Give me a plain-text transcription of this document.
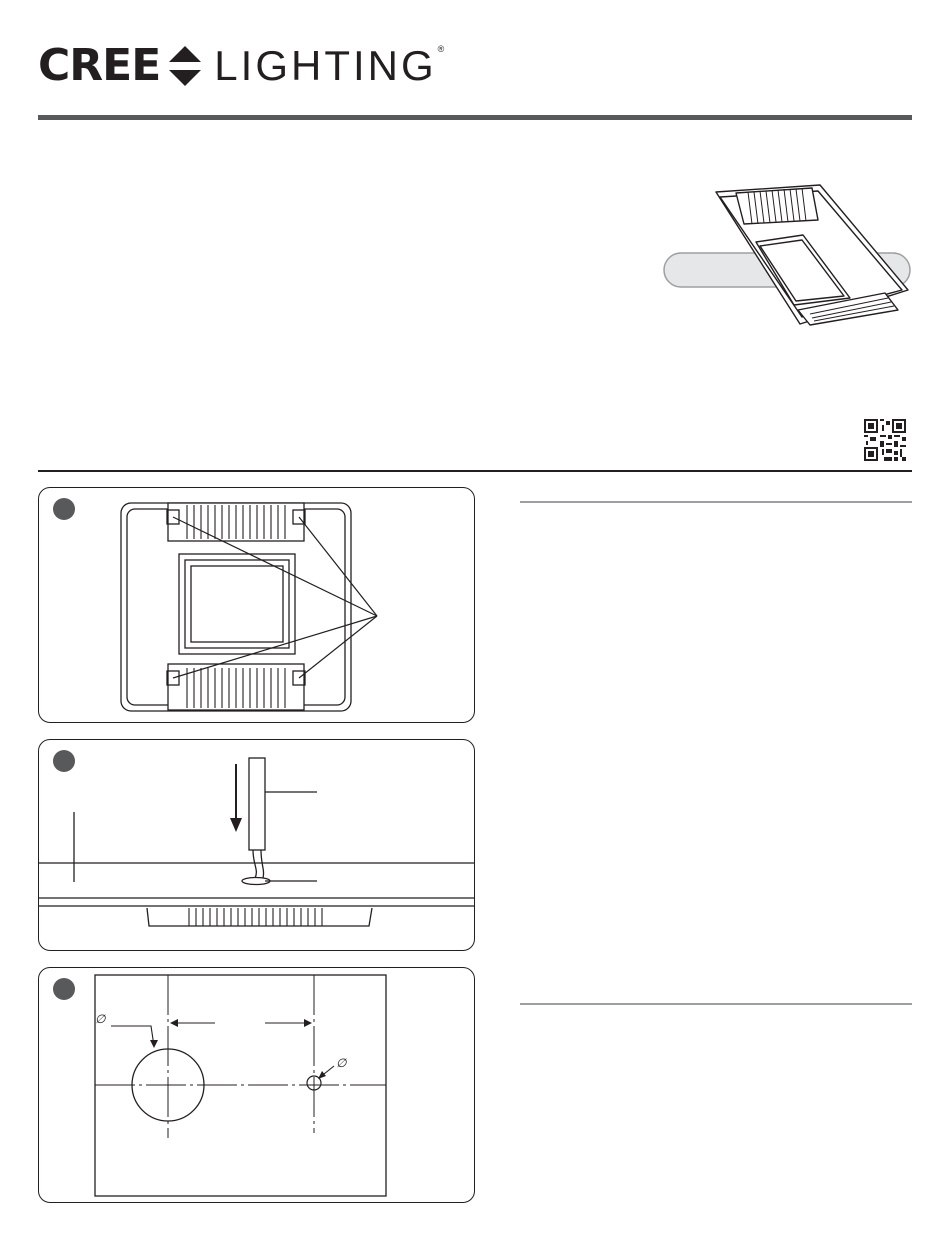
CREE LIGHTING®
∅
∅
